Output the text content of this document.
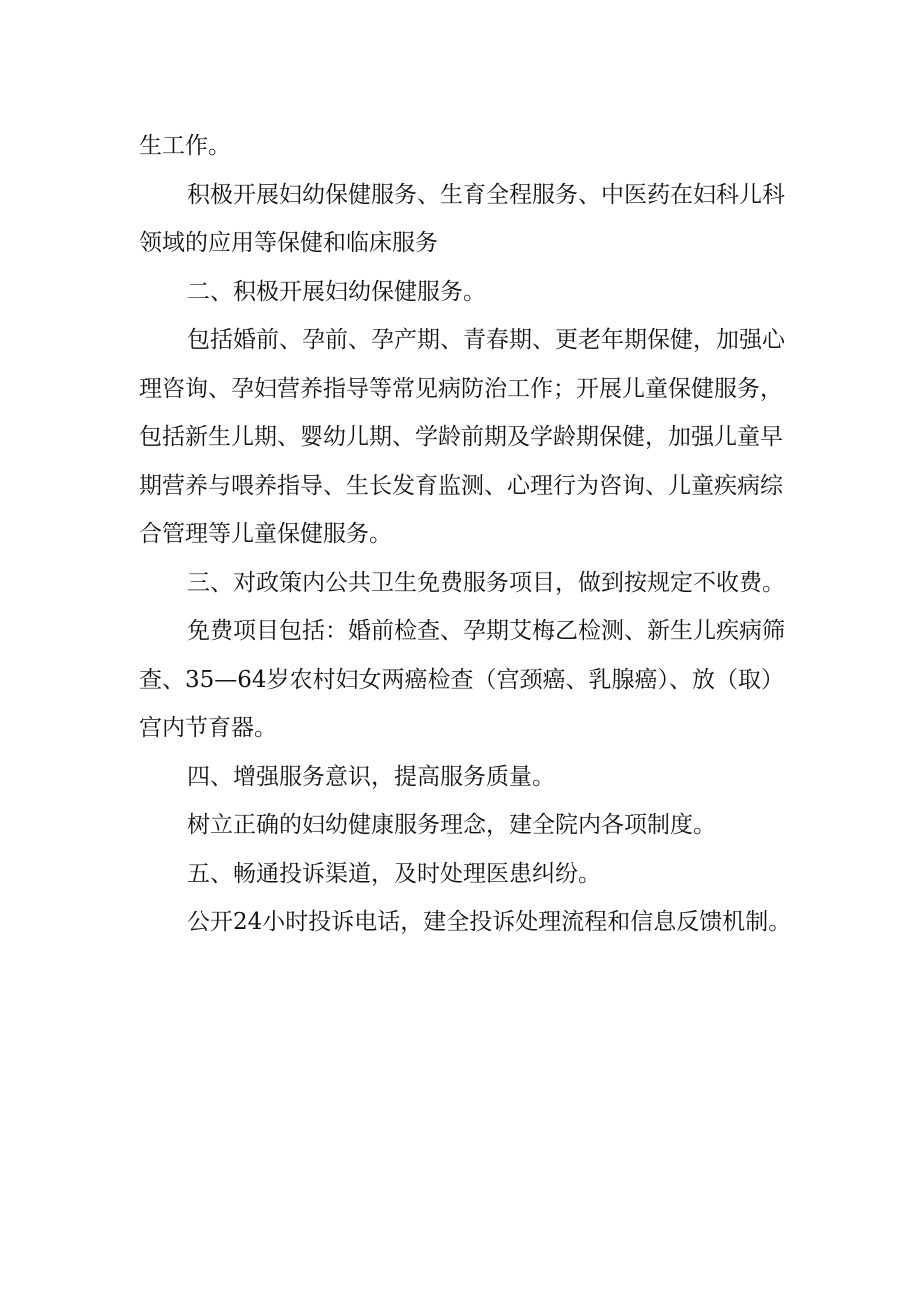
生工作。
积极开展妇幼保健服务、生育全程服务、中医药在妇科儿科
领域的应用等保健和临床服务
二、积极开展妇幼保健服务。
包括婚前、孕前、孕产期、青春期、更老年期保健，加强心
理咨询、孕妇营养指导等常见病防治工作；开展儿童保健服务，
包括新生儿期、婴幼儿期、学龄前期及学龄期保健，加强儿童早
期营养与喂养指导、生长发育监测、心理行为咨询、儿童疾病综
合管理等儿童保健服务。
三、对政策内公共卫生免费服务项目，做到按规定不收费。
免费项目包括：婚前检查、孕期艾梅乙检测、新生儿疾病筛
查、35—64岁农村妇女两癌检查（宫颈癌、乳腺癌）、放（取）
宫内节育器。
四、增强服务意识，提高服务质量。
树立正确的妇幼健康服务理念，建全院内各项制度。
五、畅通投诉渠道，及时处理医患纠纷。
公开24小时投诉电话，建全投诉处理流程和信息反馈机制。
